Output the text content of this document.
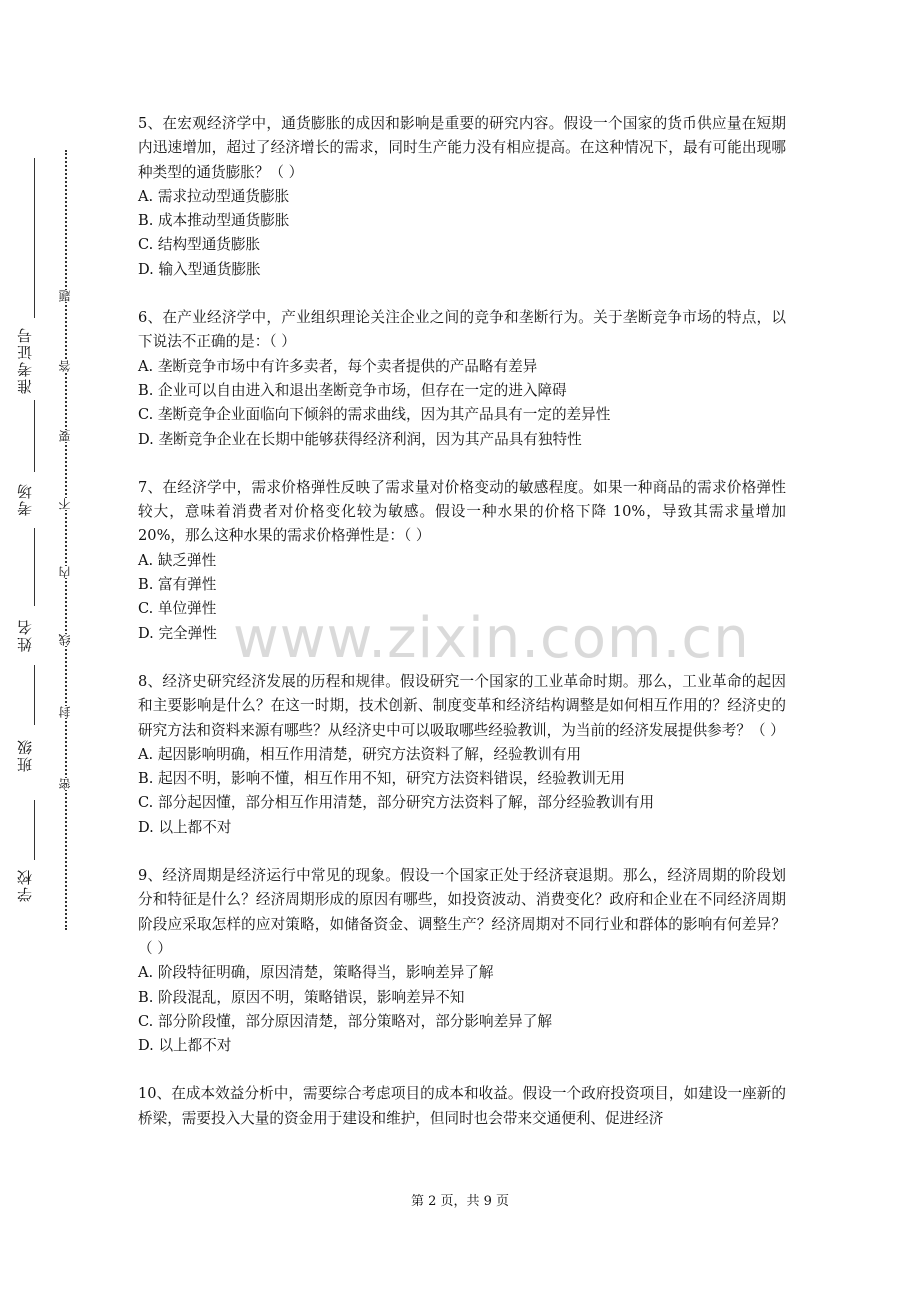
学校
班级
姓名
考场
准考证号
密
封
线
内
不
要
答
题
5、在宏观经济学中，通货膨胀的成因和影响是重要的研究内容。假设一个国家的货币供应量在短期内迅速增加，超过了经济增长的需求，同时生产能力没有相应提高。在这种情况下，最有可能出现哪种类型的通货膨胀？（ ）
A. 需求拉动型通货膨胀
B. 成本推动型通货膨胀
C. 结构型通货膨胀
D. 输入型通货膨胀
6、在产业经济学中，产业组织理论关注企业之间的竞争和垄断行为。关于垄断竞争市场的特点，以下说法不正确的是：（ ）
A. 垄断竞争市场中有许多卖者，每个卖者提供的产品略有差异
B. 企业可以自由进入和退出垄断竞争市场，但存在一定的进入障碍
C. 垄断竞争企业面临向下倾斜的需求曲线，因为其产品具有一定的差异性
D. 垄断竞争企业在长期中能够获得经济利润，因为其产品具有独特性
7、在经济学中，需求价格弹性反映了需求量对价格变动的敏感程度。如果一种商品的需求价格弹性较大，意味着消费者对价格变化较为敏感。假设一种水果的价格下降 10%，导致其需求量增加 20%，那么这种水果的需求价格弹性是：（ ）
A. 缺乏弹性
B. 富有弹性
C. 单位弹性
D. 完全弹性
8、经济史研究经济发展的历程和规律。假设研究一个国家的工业革命时期。那么，工业革命的起因和主要影响是什么？在这一时期，技术创新、制度变革和经济结构调整是如何相互作用的？经济史的研究方法和资料来源有哪些？从经济史中可以吸取哪些经验教训，为当前的经济发展提供参考？（ ）
A. 起因影响明确，相互作用清楚，研究方法资料了解，经验教训有用
B. 起因不明，影响不懂，相互作用不知，研究方法资料错误，经验教训无用
C. 部分起因懂，部分相互作用清楚，部分研究方法资料了解，部分经验教训有用
D. 以上都不对
9、经济周期是经济运行中常见的现象。假设一个国家正处于经济衰退期。那么，经济周期的阶段划分和特征是什么？经济周期形成的原因有哪些，如投资波动、消费变化？政府和企业在不同经济周期阶段应采取怎样的应对策略，如储备资金、调整生产？经济周期对不同行业和群体的影响有何差异？（ ）
A. 阶段特征明确，原因清楚，策略得当，影响差异了解
B. 阶段混乱，原因不明，策略错误，影响差异不知
C. 部分阶段懂，部分原因清楚，部分策略对，部分影响差异了解
D. 以上都不对
10、在成本效益分析中，需要综合考虑项目的成本和收益。假设一个政府投资项目，如建设一座新的桥梁，需要投入大量的资金用于建设和维护，但同时也会带来交通便利、促进经济
www.zixin.com.cn
第 2 页，共 9 页
